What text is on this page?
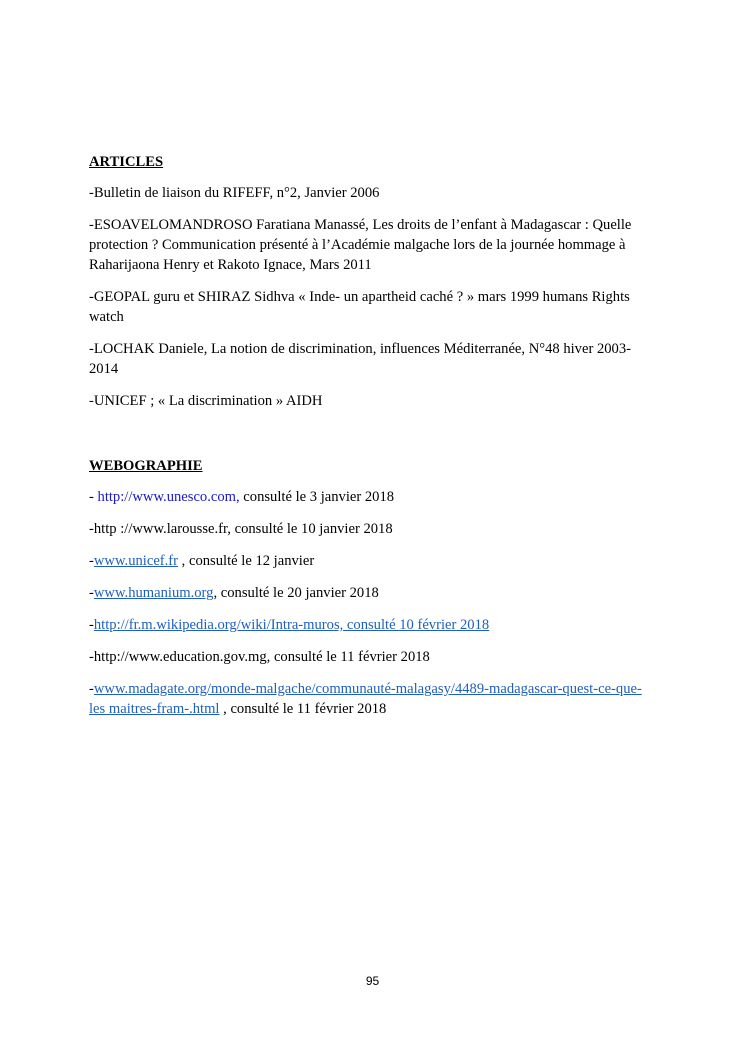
ARTICLES

-Bulletin de liaison du RIFEFF, n°2, Janvier 2006

-ESOAVELOMANDROSO Faratiana Manassé, Les droits de l’enfant à Madagascar : Quelle protection ? Communication présenté à l’Académie malgache lors de la journée hommage à Raharijaona Henry et Rakoto Ignace, Mars 2011

-GEOPAL guru et SHIRAZ Sidhva « Inde- un apartheid caché ? » mars 1999 humans Rights watch

-LOCHAK Daniele, La notion de discrimination, influences Méditerranée, N°48 hiver 2003-2014

-UNICEF ; « La discrimination » AIDH

WEBOGRAPHIE

- http://www.unesco.com, consulté le 3 janvier 2018

-http ://www.larousse.fr, consulté le 10 janvier 2018

-www.unicef.fr , consulté le 12 janvier

-www.humanium.org, consulté le 20 janvier 2018

-http://fr.m.wikipedia.org/wiki/Intra-muros, consulté 10 février 2018

-http://www.education.gov.mg, consulté le 11 février 2018

-www.madagate.org/monde-malgache/communauté-malagasy/4489-madagascar-quest-ce-que-les maitres-fram-.html , consulté le 11 février 2018

95
